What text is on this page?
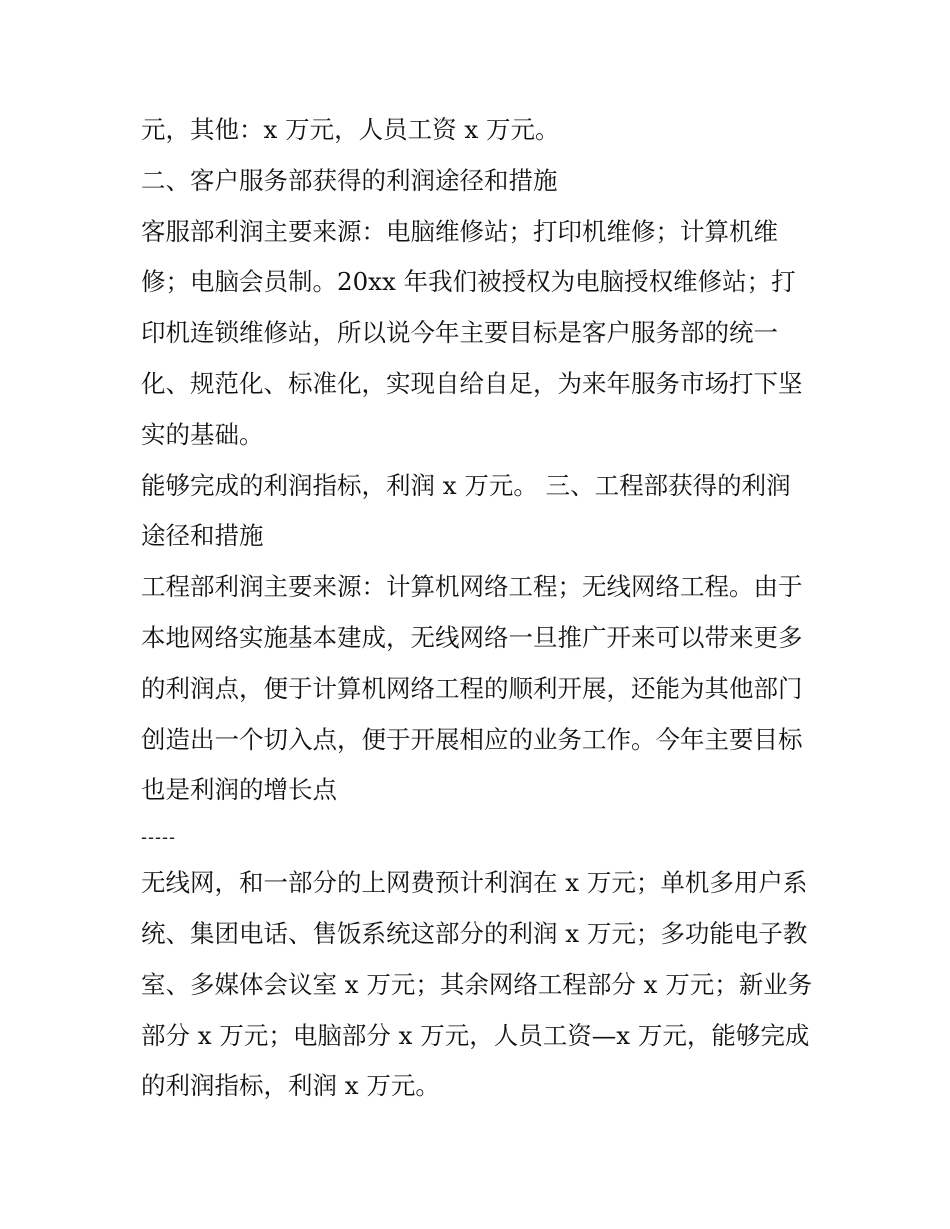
元，其他：x 万元，人员工资 x 万元。
二、客户服务部获得的利润途径和措施
客服部利润主要来源：电脑维修站；打印机维修；计算机维
修；电脑会员制。20xx 年我们被授权为电脑授权维修站；打
印机连锁维修站，所以说今年主要目标是客户服务部的统一
化、规范化、标准化，实现自给自足，为来年服务市场打下坚
实的基础。
能够完成的利润指标，利润 x 万元。 三、工程部获得的利润
途径和措施
工程部利润主要来源：计算机网络工程；无线网络工程。由于
本地网络实施基本建成，无线网络一旦推广开来可以带来更多
的利润点，便于计算机网络工程的顺利开展，还能为其他部门
创造出一个切入点，便于开展相应的业务工作。今年主要目标
也是利润的增长点
-----
无线网，和一部分的上网费预计利润在 x 万元；单机多用户系
统、集团电话、售饭系统这部分的利润 x 万元；多功能电子教
室、多媒体会议室 x 万元；其余网络工程部分 x 万元；新业务
部分 x 万元；电脑部分 x 万元，人员工资—x 万元，能够完成
的利润指标，利润 x 万元。
